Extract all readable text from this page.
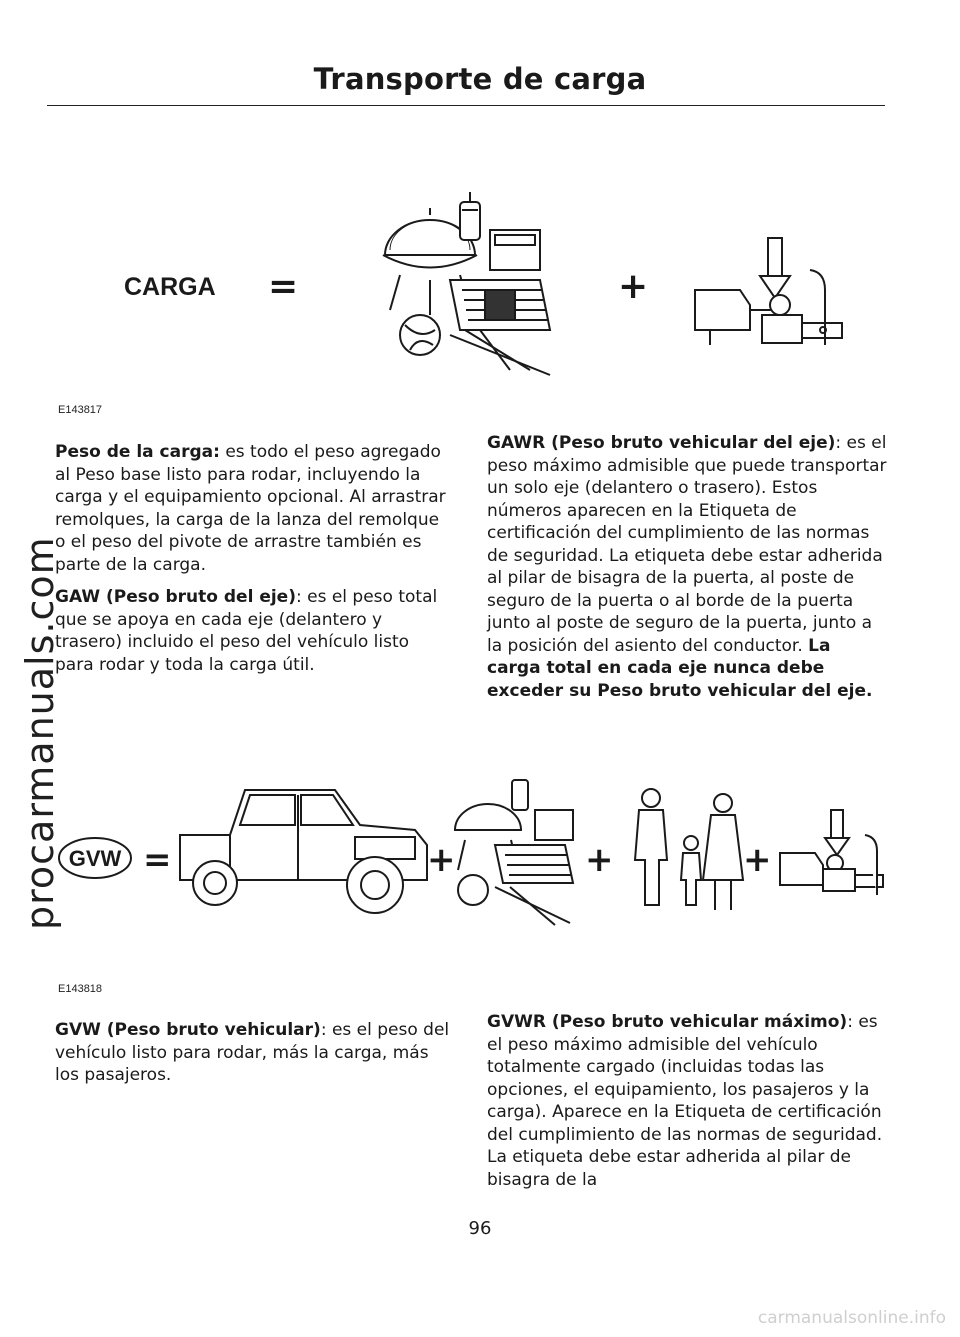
Transporte de carga
CARGA =	+
E143817

Peso de la carga: es todo el peso agregado al Peso base listo para rodar, incluyendo la carga y el equipamiento opcional. Al arrastrar remolques, la carga de la lanza del remolque o el peso del pivote de arrastre también es parte de la carga.

GAW (Peso bruto del eje): es el peso total que se apoya en cada eje (delantero y trasero) incluido el peso del vehículo listo para rodar y toda la carga útil.

GAWR (Peso bruto vehicular del eje): es el peso máximo admisible que puede transportar un solo eje (delantero o trasero). Estos números aparecen en la Etiqueta de certificación del cumplimiento de las normas de seguridad. La etiqueta debe estar adherida al pilar de bisagra de la puerta, al poste de seguro de la puerta o al borde de la puerta junto al poste de seguro de la puerta, junto a la posición del asiento del conductor. La carga total en cada eje nunca debe exceder su Peso bruto vehicular del eje.

GVW =	+	+	+
E143818

GVW (Peso bruto vehicular): es el peso del vehículo listo para rodar, más la carga, más los pasajeros.

GVWR (Peso bruto vehicular máximo): es el peso máximo admisible del vehículo totalmente cargado (incluidas todas las opciones, el equipamiento, los pasajeros y la carga). Aparece en la Etiqueta de certificación del cumplimiento de las normas de seguridad. La etiqueta debe estar adherida al pilar de bisagra de la

procarmanuals.com
96
carmanualsonline.info
